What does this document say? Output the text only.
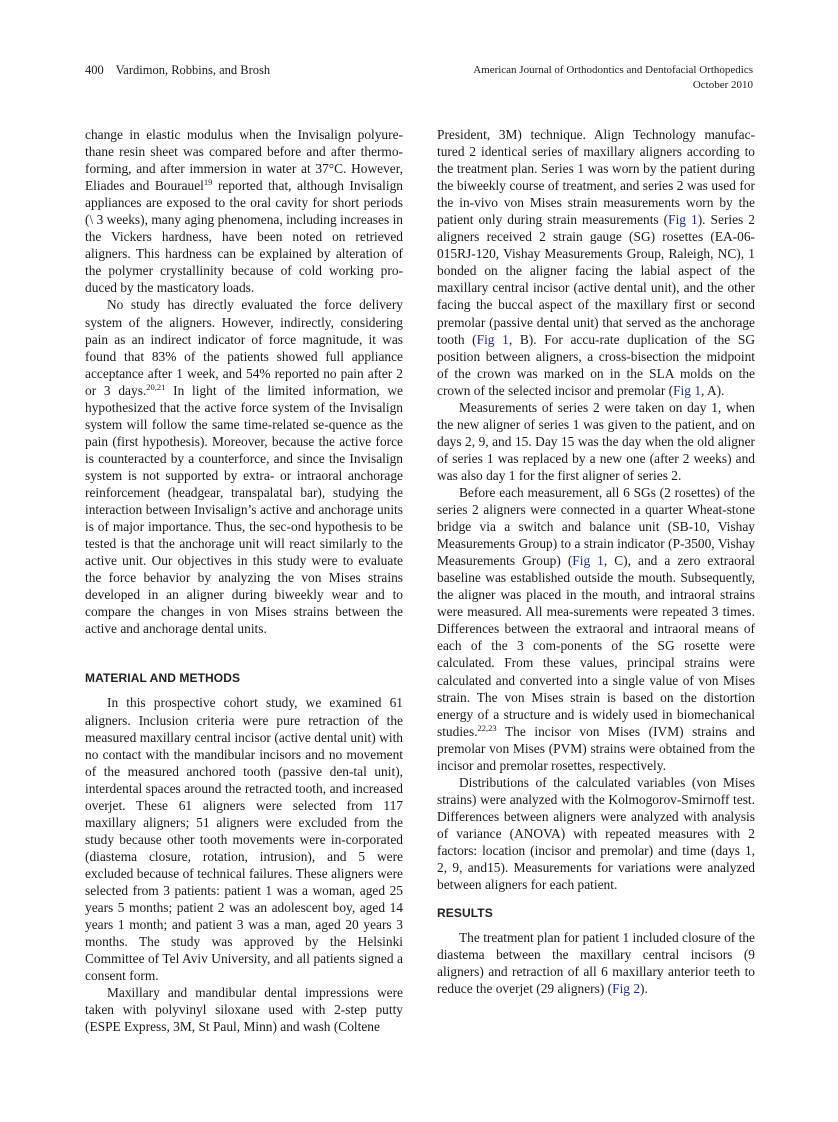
400 Vardimon, Robbins, and Brosh	American Journal of Orthodontics and Dentofacial Orthopedics
October 2010

change in elastic modulus when the Invisalign polyure-thane resin sheet was compared before and after thermo-forming, and after immersion in water at 37°C. However, Eliades and Bourauel$^{19}$ reported that, although Invisalign appliances are exposed to the oral cavity for short periods (\ 3 weeks), many aging phenomena, including increases in the Vickers hardness, have been noted on retrieved aligners. This hardness can be explained by alteration of the polymer crystallinity because of cold working pro-duced by the masticatory loads.

No study has directly evaluated the force delivery system of the aligners. However, indirectly, considering pain as an indirect indicator of force magnitude, it was found that 83% of the patients showed full appliance acceptance after 1 week, and 54% reported no pain after 2 or 3 days.$^{20,21}$ In light of the limited information, we hypothesized that the active force system of the Invisalign system will follow the same time-related se-quence as the pain (first hypothesis). Moreover, because the active force is counteracted by a counterforce, and since the Invisalign system is not supported by extra- or intraoral anchorage reinforcement (headgear, transpalatal bar), studying the interaction between Invisalign’s active and anchorage units is of major importance. Thus, the sec-ond hypothesis to be tested is that the anchorage unit will react similarly to the active unit. Our objectives in this study were to evaluate the force behavior by analyzing the von Mises strains developed in an aligner during biweekly wear and to compare the changes in von Mises strains between the active and anchorage dental units.

MATERIAL AND METHODS

In this prospective cohort study, we examined 61 aligners. Inclusion criteria were pure retraction of the measured maxillary central incisor (active dental unit) with no contact with the mandibular incisors and no movement of the measured anchored tooth (passive den-tal unit), interdental spaces around the retracted tooth, and increased overjet. These 61 aligners were selected from 117 maxillary aligners; 51 aligners were excluded from the study because other tooth movements were in-corporated (diastema closure, rotation, intrusion), and 5 were excluded because of technical failures. These aligners were selected from 3 patients: patient 1 was a woman, aged 25 years 5 months; patient 2 was an adolescent boy, aged 14 years 1 month; and patient 3 was a man, aged 20 years 3 months. The study was approved by the Helsinki Committee of Tel Aviv University, and all patients signed a consent form.

Maxillary and mandibular dental impressions were taken with polyvinyl siloxane used with 2-step putty (ESPE Express, 3M, St Paul, Minn) and wash (Coltene

President, 3M) technique. Align Technology manufac-tured 2 identical series of maxillary aligners according to the treatment plan. Series 1 was worn by the patient during the biweekly course of treatment, and series 2 was used for the in-vivo von Mises strain measurements worn by the patient only during strain measurements (Fig 1). Series 2 aligners received 2 strain gauge (SG) rosettes (EA-06-015RJ-120, Vishay Measurements Group, Raleigh, NC), 1 bonded on the aligner facing the labial aspect of the maxillary central incisor (active dental unit), and the other facing the buccal aspect of the maxillary first or second premolar (passive dental unit) that served as the anchorage tooth (Fig 1, B). For accu-rate duplication of the SG position between aligners, a cross-bisection the midpoint of the crown was marked on in the SLA molds on the crown of the selected incisor and premolar (Fig 1, A).

Measurements of series 2 were taken on day 1, when the new aligner of series 1 was given to the patient, and on days 2, 9, and 15. Day 15 was the day when the old aligner of series 1 was replaced by a new one (after 2 weeks) and was also day 1 for the first aligner of series 2.

Before each measurement, all 6 SGs (2 rosettes) of the series 2 aligners were connected in a quarter Wheat-stone bridge via a switch and balance unit (SB-10, Vishay Measurements Group) to a strain indicator (P-3500, Vishay Measurements Group) (Fig 1, C), and a zero extraoral baseline was established outside the mouth. Subsequently, the aligner was placed in the mouth, and intraoral strains were measured. All mea-surements were repeated 3 times. Differences between the extraoral and intraoral means of each of the 3 com-ponents of the SG rosette were calculated. From these values, principal strains were calculated and converted into a single value of von Mises strain. The von Mises strain is based on the distortion energy of a structure and is widely used in biomechanical studies.$^{22,23}$ The incisor von Mises (IVM) strains and premolar von Mises (PVM) strains were obtained from the incisor and premolar rosettes, respectively.

Distributions of the calculated variables (von Mises strains) were analyzed with the Kolmogorov-Smirnoff test. Differences between aligners were analyzed with analysis of variance (ANOVA) with repeated measures with 2 factors: location (incisor and premolar) and time (days 1, 2, 9, and15). Measurements for variations were analyzed between aligners for each patient.

RESULTS

The treatment plan for patient 1 included closure of the diastema between the maxillary central incisors (9 aligners) and retraction of all 6 maxillary anterior teeth to reduce the overjet (29 aligners) (Fig 2).
